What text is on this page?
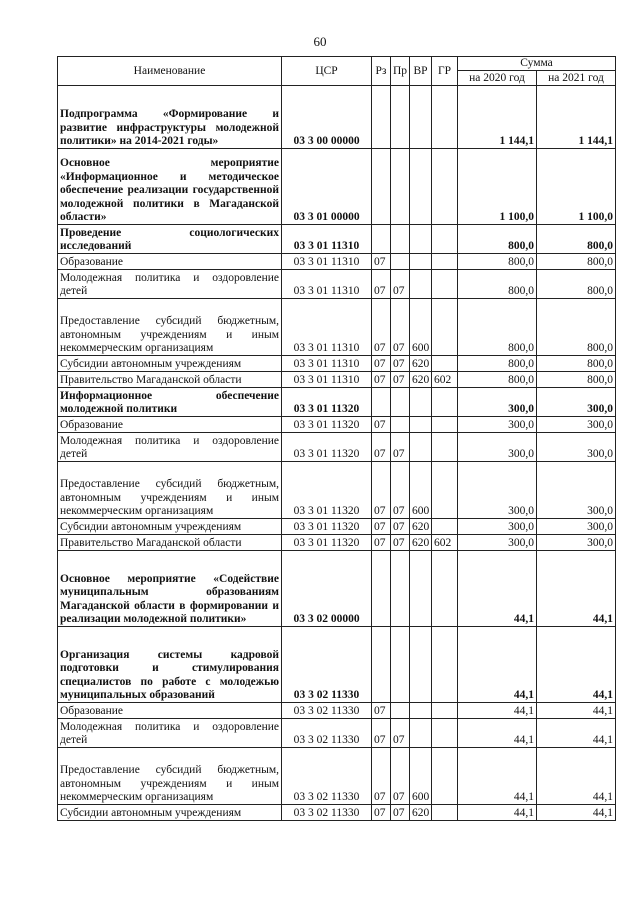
60
Наименование	ЦСР	Рз	Пр	ВР	ГР	Сумма	
						на 2020 год	на 2021 год
Подпрограмма «Формирование и развитие инфраструктуры молодежной политики» на 2014-2021 годы»	03 3 00 00000					1 144,1	1 144,1
Основное мероприятие «Информационное и методическое обеспечение реализации государственной молодежной политики в Магаданской области»	03 3 01 00000					1 100,0	1 100,0
Проведение социологических исследований	03 3 01 11310					800,0	800,0
Образование	03 3 01 11310	07				800,0	800,0
Молодежная политика и оздоровление детей	03 3 01 11310	07	07			800,0	800,0
Предоставление субсидий бюджетным, автономным учреждениям и иным некоммерческим организациям	03 3 01 11310	07	07	600		800,0	800,0
Субсидии автономным учреждениям	03 3 01 11310	07	07	620		800,0	800,0
Правительство Магаданской области	03 3 01 11310	07	07	620	602	800,0	800,0
Информационное обеспечение молодежной политики	03 3 01 11320					300,0	300,0
Образование	03 3 01 11320	07				300,0	300,0
Молодежная политика и оздоровление детей	03 3 01 11320	07	07			300,0	300,0
Предоставление субсидий бюджетным, автономным учреждениям и иным некоммерческим организациям	03 3 01 11320	07	07	600		300,0	300,0
Субсидии автономным учреждениям	03 3 01 11320	07	07	620		300,0	300,0
Правительство Магаданской области	03 3 01 11320	07	07	620	602	300,0	300,0
Основное мероприятие «Содействие муниципальным образованиям Магаданской области в формировании и реализации молодежной политики»	03 3 02 00000					44,1	44,1
Организация системы кадровой подготовки и стимулирования специалистов по работе с молодежью муниципальных образований	03 3 02 11330					44,1	44,1
Образование	03 3 02 11330	07				44,1	44,1
Молодежная политика и оздоровление детей	03 3 02 11330	07	07			44,1	44,1
Предоставление субсидий бюджетным, автономным учреждениям и иным некоммерческим организациям	03 3 02 11330	07	07	600		44,1	44,1
Субсидии автономным учреждениям	03 3 02 11330	07	07	620		44,1	44,1
